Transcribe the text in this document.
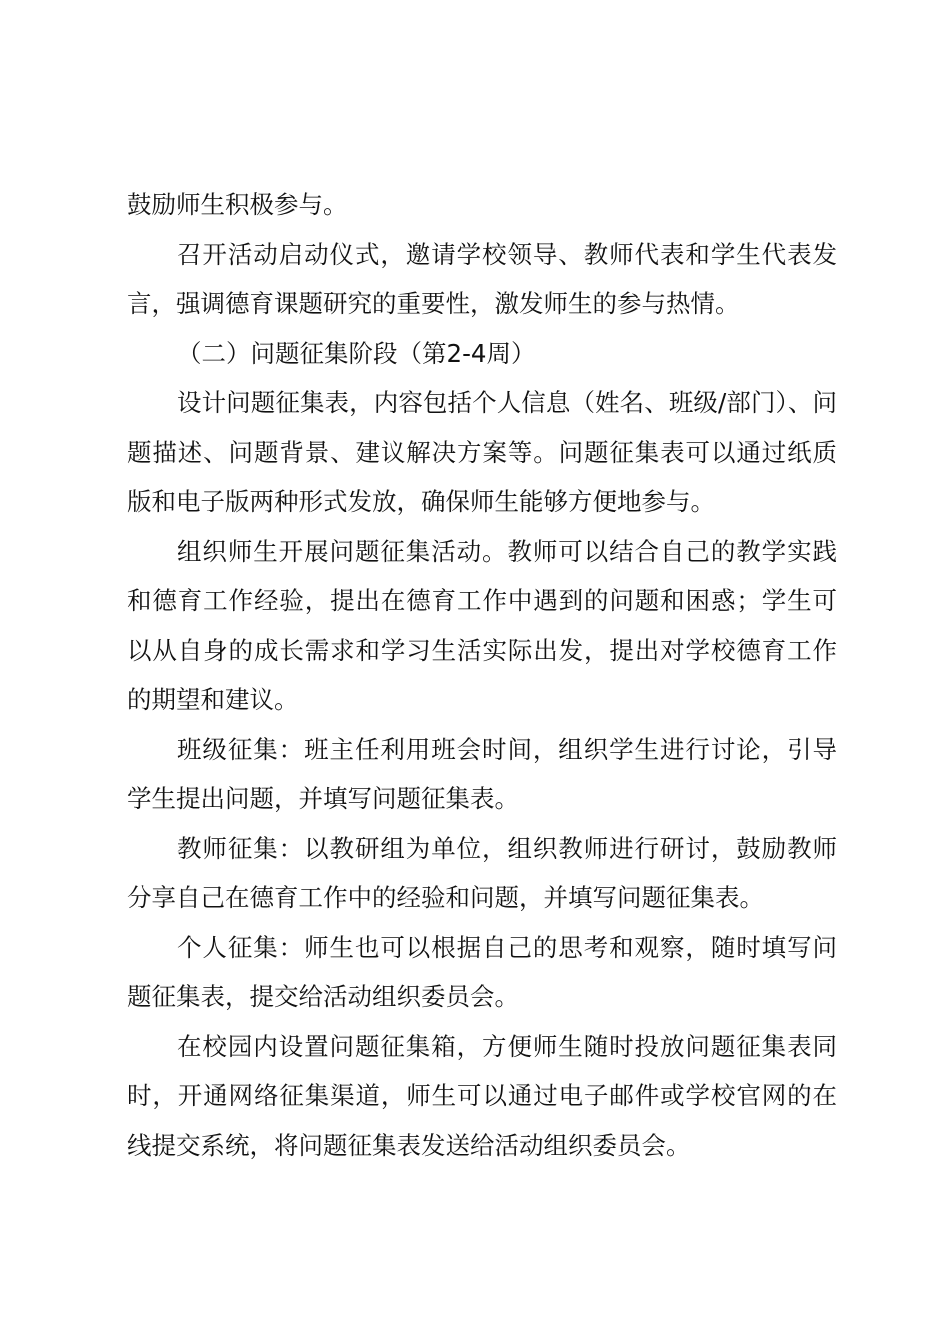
鼓励师生积极参与。

召开活动启动仪式，邀请学校领导、教师代表和学生代表发言，强调德育课题研究的重要性，激发师生的参与热情。

（二）问题征集阶段（第2-4周）

设计问题征集表，内容包括个人信息（姓名、班级/部门）、问题描述、问题背景、建议解决方案等。问题征集表可以通过纸质版和电子版两种形式发放，确保师生能够方便地参与。

组织师生开展问题征集活动。教师可以结合自己的教学实践和德育工作经验，提出在德育工作中遇到的问题和困惑；学生可以从自身的成长需求和学习生活实际出发，提出对学校德育工作的期望和建议。

班级征集：班主任利用班会时间，组织学生进行讨论，引导学生提出问题，并填写问题征集表。

教师征集：以教研组为单位，组织教师进行研讨，鼓励教师分享自己在德育工作中的经验和问题，并填写问题征集表。

个人征集：师生也可以根据自己的思考和观察，随时填写问题征集表，提交给活动组织委员会。

在校园内设置问题征集箱，方便师生随时投放问题征集表同时，开通网络征集渠道，师生可以通过电子邮件或学校官网的在线提交系统，将问题征集表发送给活动组织委员会。
